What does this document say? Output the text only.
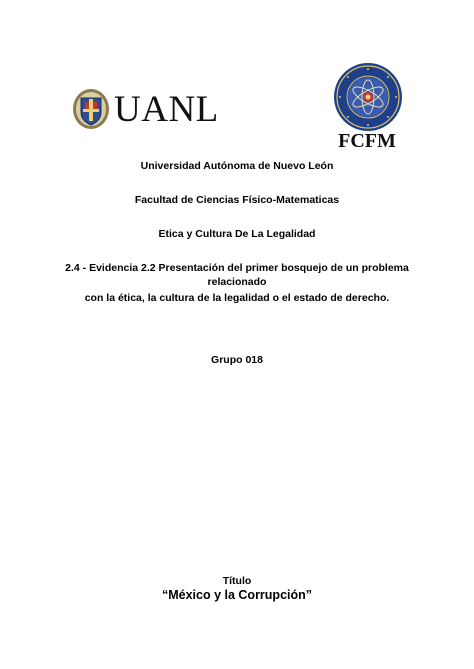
UANL
FCFM
Universidad Autónoma de Nuevo León
Facultad de Ciencias Físico-Matematicas
Etica y Cultura De La Legalidad
2.4 - Evidencia 2.2 Presentación del primer bosquejo de un problema
relacionado
con la ética, la cultura de la legalidad o el estado de derecho.
Grupo 018
Título
“México y la Corrupción”
